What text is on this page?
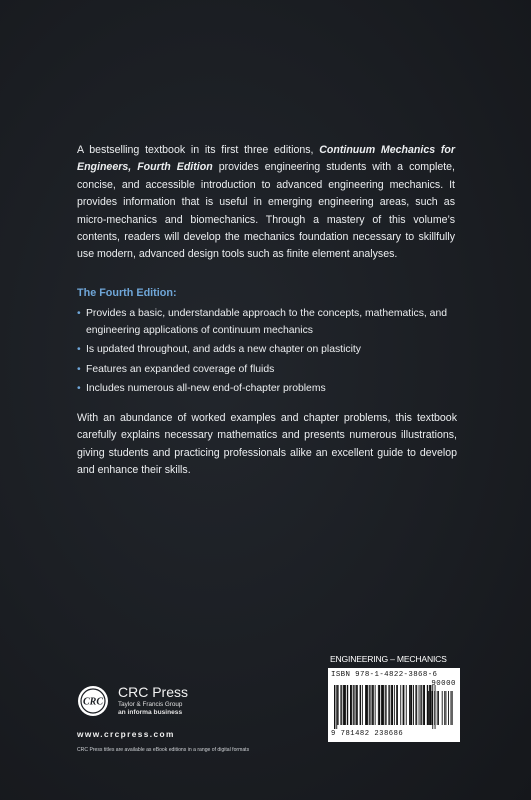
A bestselling textbook in its first three editions, Continuum Mechanics for Engineers, Fourth Edition provides engineering students with a complete, concise, and accessible introduction to advanced engineering mechanics. It provides information that is useful in emerging engineering areas, such as micro-mechanics and biomechanics. Through a mastery of this volume’s contents, readers will develop the mechanics foundation necessary to skillfully use modern, advanced design tools such as finite element analyses.

The Fourth Edition:
• Provides a basic, understandable approach to the concepts, mathematics, and engineering applications of continuum mechanics
• Is updated throughout, and adds a new chapter on plasticity
• Features an expanded coverage of fluids
• Includes numerous all-new end-of-chapter problems

With an abundance of worked examples and chapter problems, this textbook carefully explains necessary mathematics and presents numerous illustrations, giving students and practicing professionals alike an excellent guide to develop and enhance their skills.

CRC
CRC Press
Taylor & Francis Group
an informa business
www.crcpress.com
CRC Press titles are available as eBook editions in a range of digital formats
ENGINEERING – MECHANICS
ISBN 978-1-4822-3868-6
90000
9 781482 238686
